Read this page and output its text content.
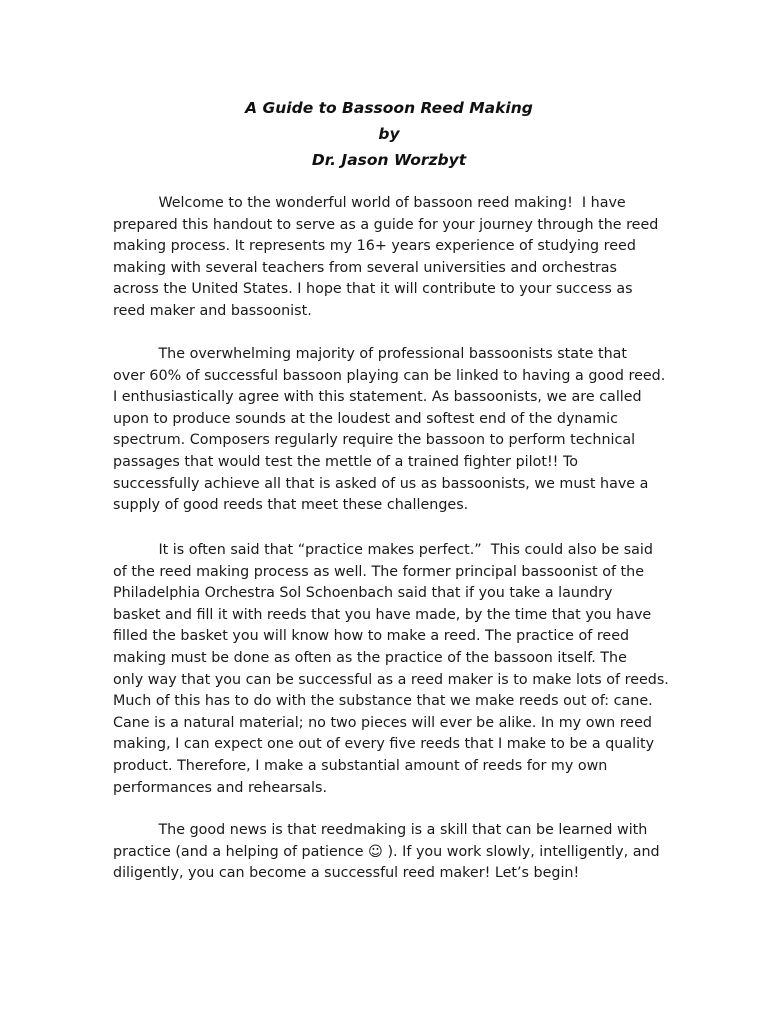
A Guide to Bassoon Reed Making
by
Dr. Jason Worzbyt
Welcome to the wonderful world of bassoon reed making!  I have
prepared this handout to serve as a guide for your journey through the reed
making process. It represents my 16+ years experience of studying reed
making with several teachers from several universities and orchestras
across the United States. I hope that it will contribute to your success as
reed maker and bassoonist.
The overwhelming majority of professional bassoonists state that
over 60% of successful bassoon playing can be linked to having a good reed.
I enthusiastically agree with this statement. As bassoonists, we are called
upon to produce sounds at the loudest and softest end of the dynamic
spectrum. Composers regularly require the bassoon to perform technical
passages that would test the mettle of a trained fighter pilot!! To
successfully achieve all that is asked of us as bassoonists, we must have a
supply of good reeds that meet these challenges.
It is often said that “practice makes perfect.”  This could also be said
of the reed making process as well. The former principal bassoonist of the
Philadelphia Orchestra Sol Schoenbach said that if you take a laundry
basket and fill it with reeds that you have made, by the time that you have
filled the basket you will know how to make a reed. The practice of reed
making must be done as often as the practice of the bassoon itself. The
only way that you can be successful as a reed maker is to make lots of reeds.
Much of this has to do with the substance that we make reeds out of: cane.
Cane is a natural material; no two pieces will ever be alike. In my own reed
making, I can expect one out of every five reeds that I make to be a quality
product. Therefore, I make a substantial amount of reeds for my own
performances and rehearsals.
The good news is that reedmaking is a skill that can be learned with
practice (and a helping of patience ☺ ). If you work slowly, intelligently, and
diligently, you can become a successful reed maker! Let’s begin!
